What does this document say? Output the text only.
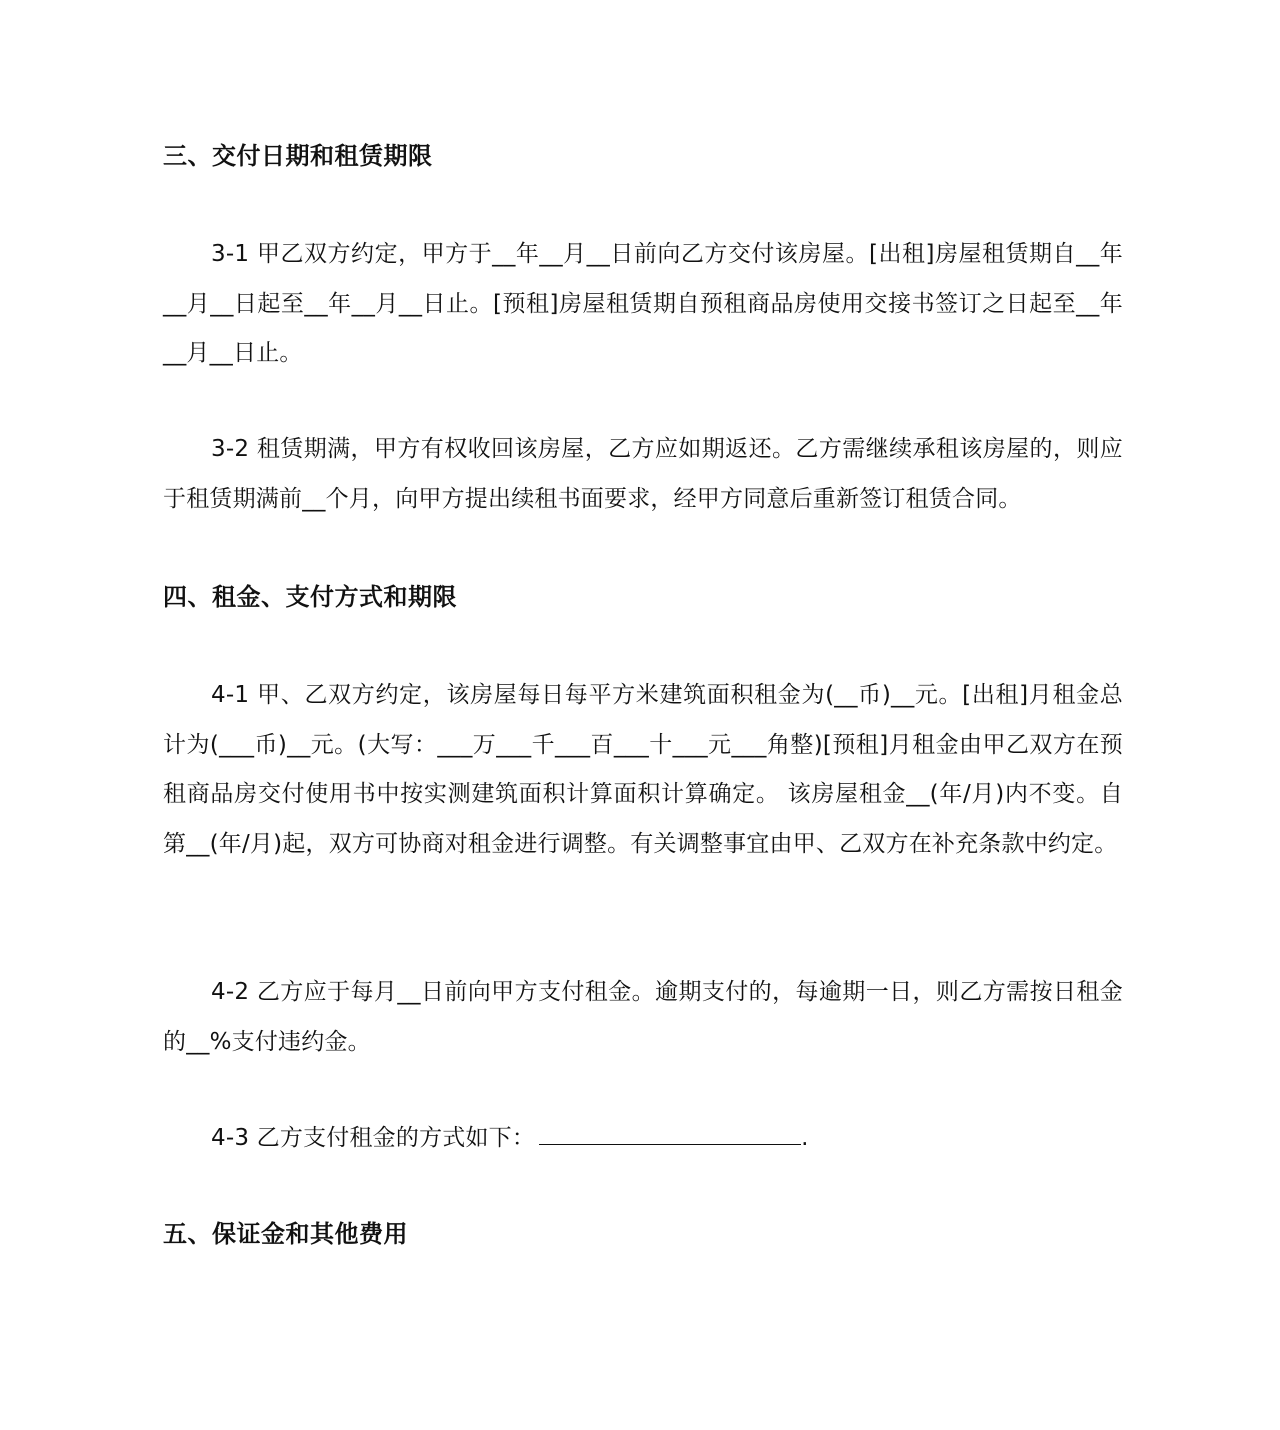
三、交付日期和租赁期限

3-1 甲乙双方约定，甲方于__年__月__日前向乙方交付该房屋。[出租]房屋租赁期自__年__月__日起至__年__月__日止。[预租]房屋租赁期自预租商品房使用交接书签订之日起至__年__月__日止。

3-2 租赁期满，甲方有权收回该房屋，乙方应如期返还。乙方需继续承租该房屋的，则应于租赁期满前__个月，向甲方提出续租书面要求，经甲方同意后重新签订租赁合同。

四、租金、支付方式和期限

4-1 甲、乙双方约定，该房屋每日每平方米建筑面积租金为(__币)__元。[出租]月租金总计为(___币)__元。(大写：___万___千___百___十___元___角整)[预租]月租金由甲乙双方在预租商品房交付使用书中按实测建筑面积计算面积计算确定。 该房屋租金__(年/月)内不变。自第__(年/月)起，双方可协商对租金进行调整。有关调整事宜由甲、乙双方在补充条款中约定。

4-2 乙方应于每月__日前向甲方支付租金。逾期支付的，每逾期一日，则乙方需按日租金的__%支付违约金。

4-3 乙方支付租金的方式如下：	.

五、保证金和其他费用
